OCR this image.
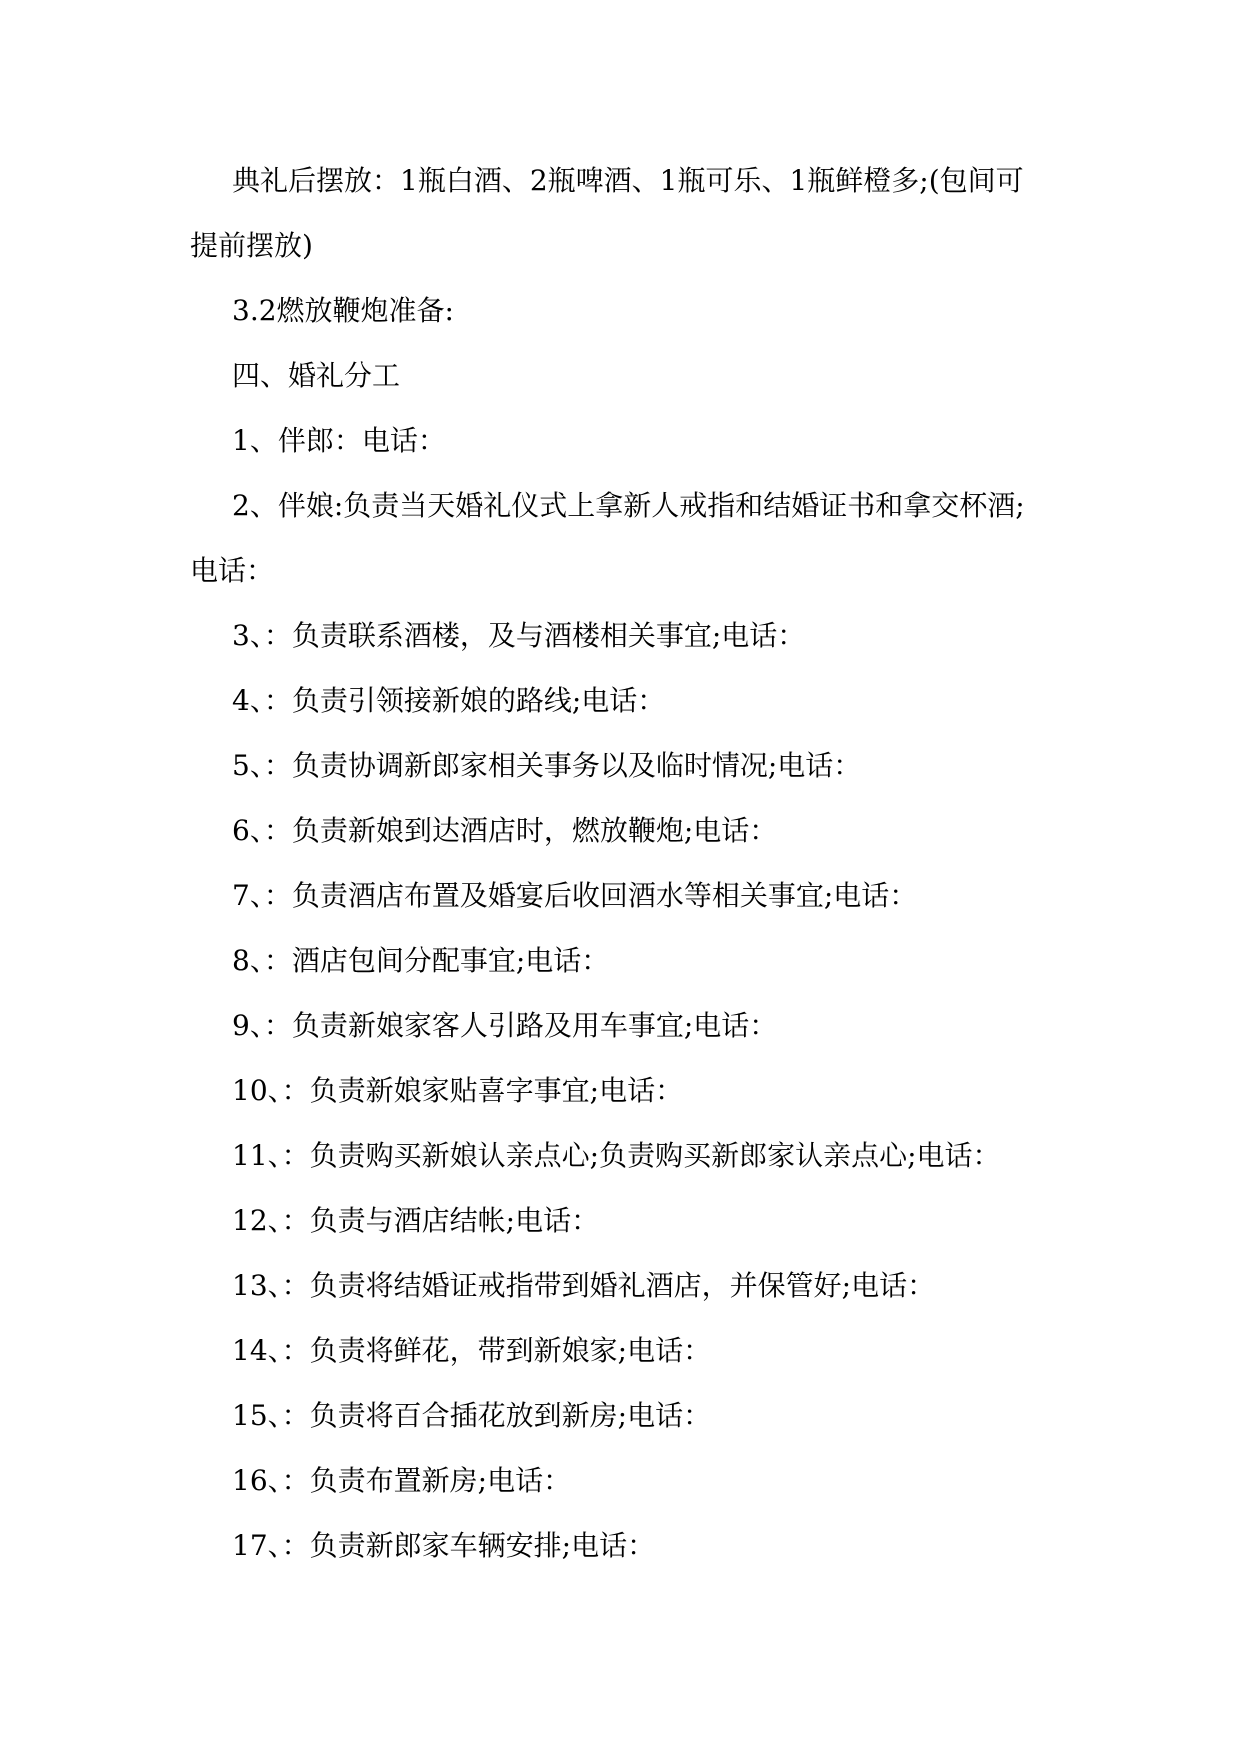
典礼后摆放：1瓶白酒、2瓶啤酒、1瓶可乐、1瓶鲜橙多;(包间可提前摆放)

3.2燃放鞭炮准备:

四、婚礼分工

1、伴郎：电话：

2、伴娘:负责当天婚礼仪式上拿新人戒指和结婚证书和拿交杯酒;电话：

3、：负责联系酒楼，及与酒楼相关事宜;电话：

4、：负责引领接新娘的路线;电话：

5、：负责协调新郎家相关事务以及临时情况;电话：

6、：负责新娘到达酒店时，燃放鞭炮;电话：

7、：负责酒店布置及婚宴后收回酒水等相关事宜;电话：

8、：酒店包间分配事宜;电话：

9、：负责新娘家客人引路及用车事宜;电话：

10、：负责新娘家贴喜字事宜;电话：

11、：负责购买新娘认亲点心;负责购买新郎家认亲点心;电话：

12、：负责与酒店结帐;电话：

13、：负责将结婚证戒指带到婚礼酒店，并保管好;电话：

14、：负责将鲜花，带到新娘家;电话：

15、：负责将百合插花放到新房;电话：

16、：负责布置新房;电话：

17、：负责新郎家车辆安排;电话：
